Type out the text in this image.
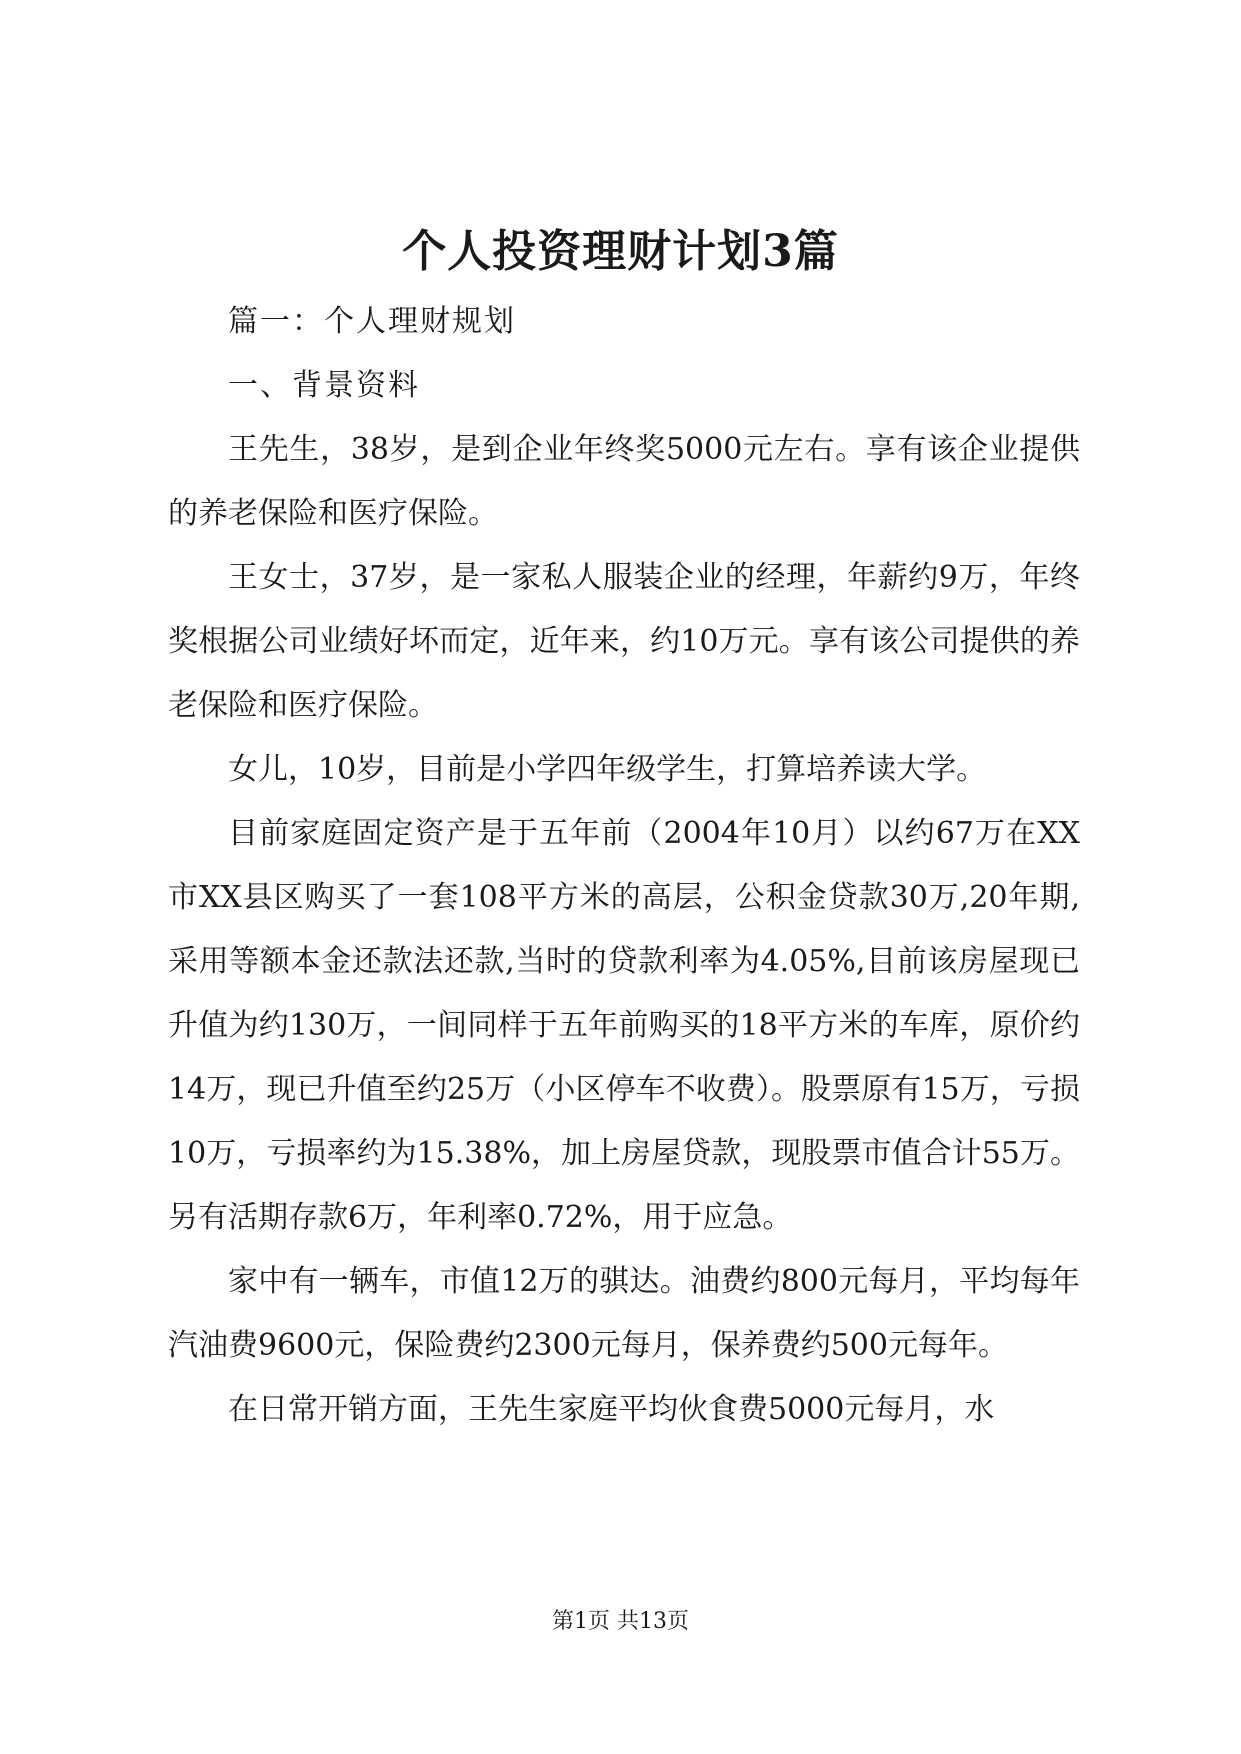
个人投资理财计划3篇

篇一：个人理财规划

一、背景资料

王先生，38岁，是到企业年终奖5000元左右。享有该企业提供的养老保险和医疗保险。

王女士，37岁，是一家私人服装企业的经理，年薪约9万，年终奖根据公司业绩好坏而定，近年来，约10万元。享有该公司提供的养老保险和医疗保险。

女儿，10岁，目前是小学四年级学生，打算培养读大学。

目前家庭固定资产是于五年前（2004年10月）以约67万在XX市XX县区购买了一套108平方米的高层，公积金贷款30万,20年期,采用等额本金还款法还款,当时的贷款利率为4.05%,目前该房屋现已升值为约130万，一间同样于五年前购买的18平方米的车库，原价约14万，现已升值至约25万（小区停车不收费）。股票原有15万，亏损10万，亏损率约为15.38%，加上房屋贷款，现股票市值合计55万。另有活期存款6万，年利率0.72%，用于应急。

家中有一辆车，市值12万的骐达。油费约800元每月，平均每年汽油费9600元，保险费约2300元每月，保养费约500元每年。

在日常开销方面，王先生家庭平均伙食费5000元每月，水

第1页 共13页
